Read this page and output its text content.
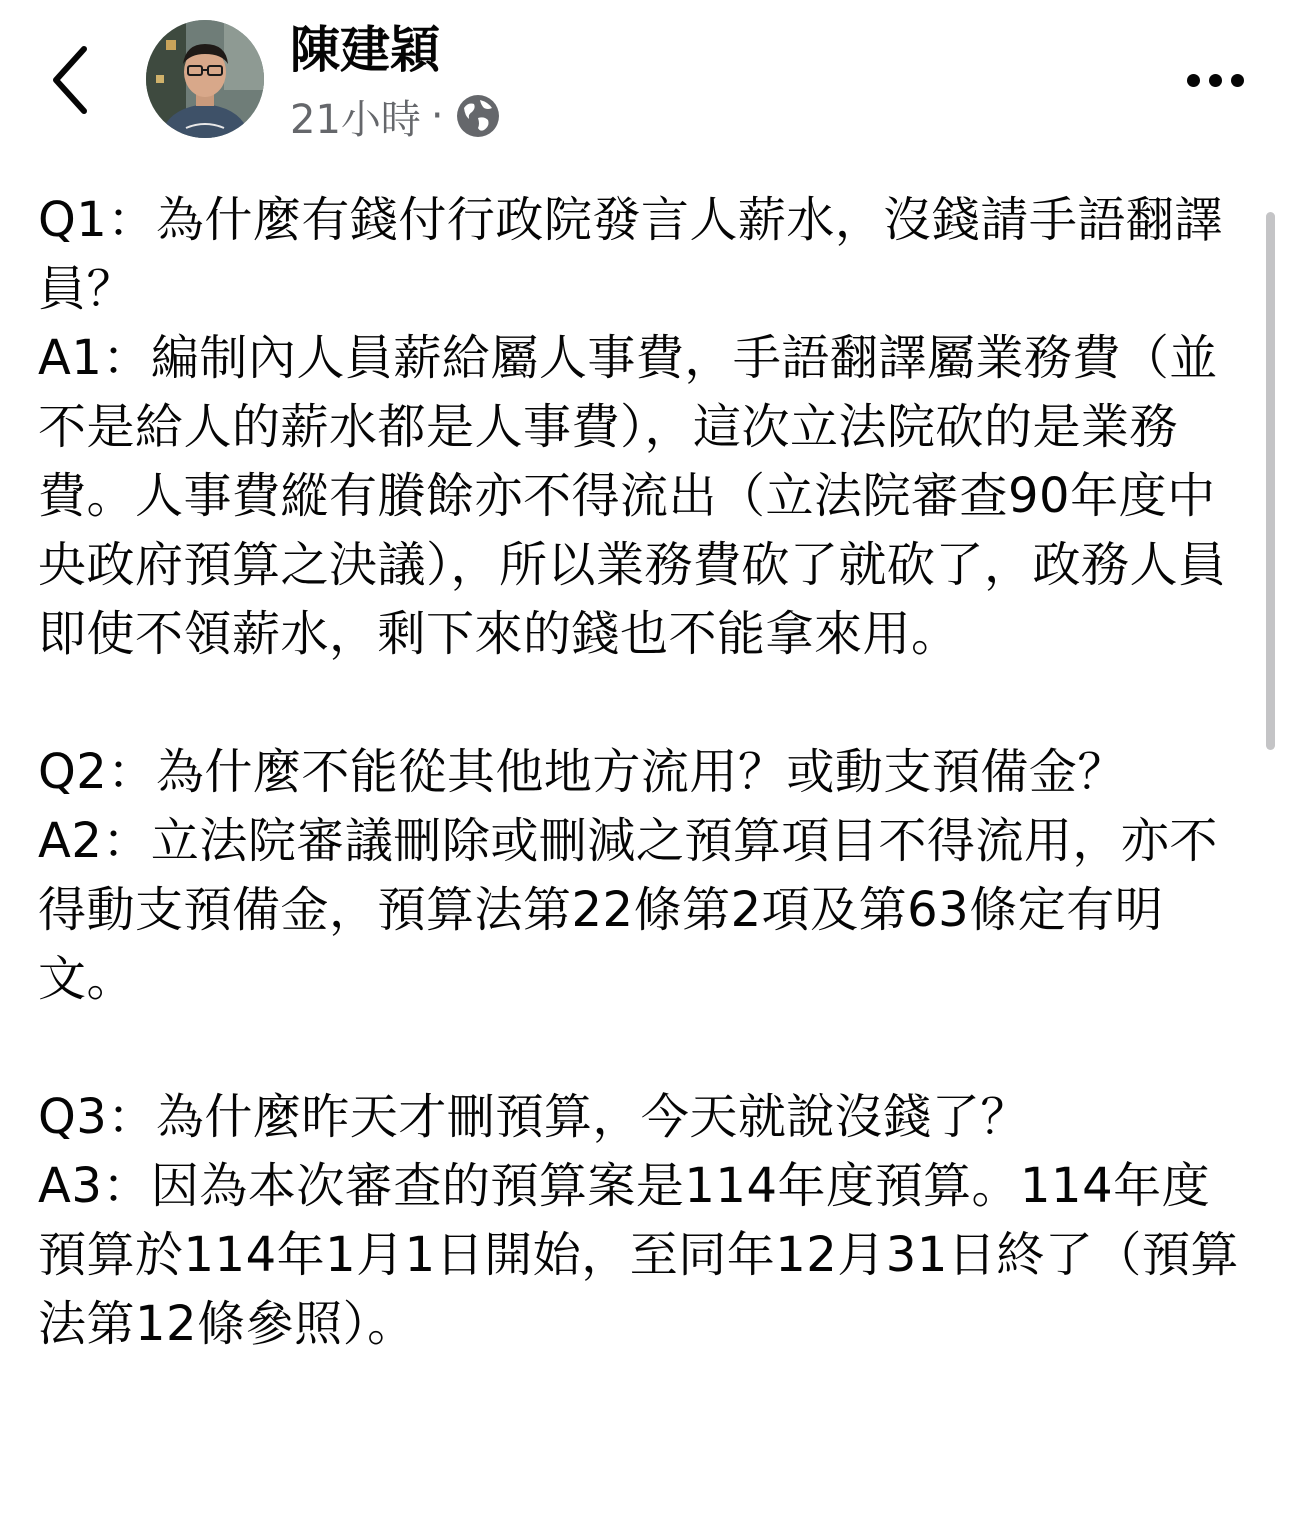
陳建穎
21小時 ·

Q1：為什麼有錢付行政院發言人薪水，沒錢請手語翻譯員？

A1：編制內人員薪給屬人事費，手語翻譯屬業務費（並不是給人的薪水都是人事費），這次立法院砍的是業務費。人事費縱有賸餘亦不得流出（立法院審查90年度中央政府預算之決議），所以業務費砍了就砍了，政務人員即使不領薪水，剩下來的錢也不能拿來用。

Q2：為什麼不能從其他地方流用？或動支預備金？

A2：立法院審議刪除或刪減之預算項目不得流用，亦不得動支預備金，預算法第22條第2項及第63條定有明文。

Q3：為什麼昨天才刪預算，今天就說沒錢了？

A3：因為本次審查的預算案是114年度預算。114年度預算於114年1月1日開始，至同年12月31日終了（預算法第12條參照）。
